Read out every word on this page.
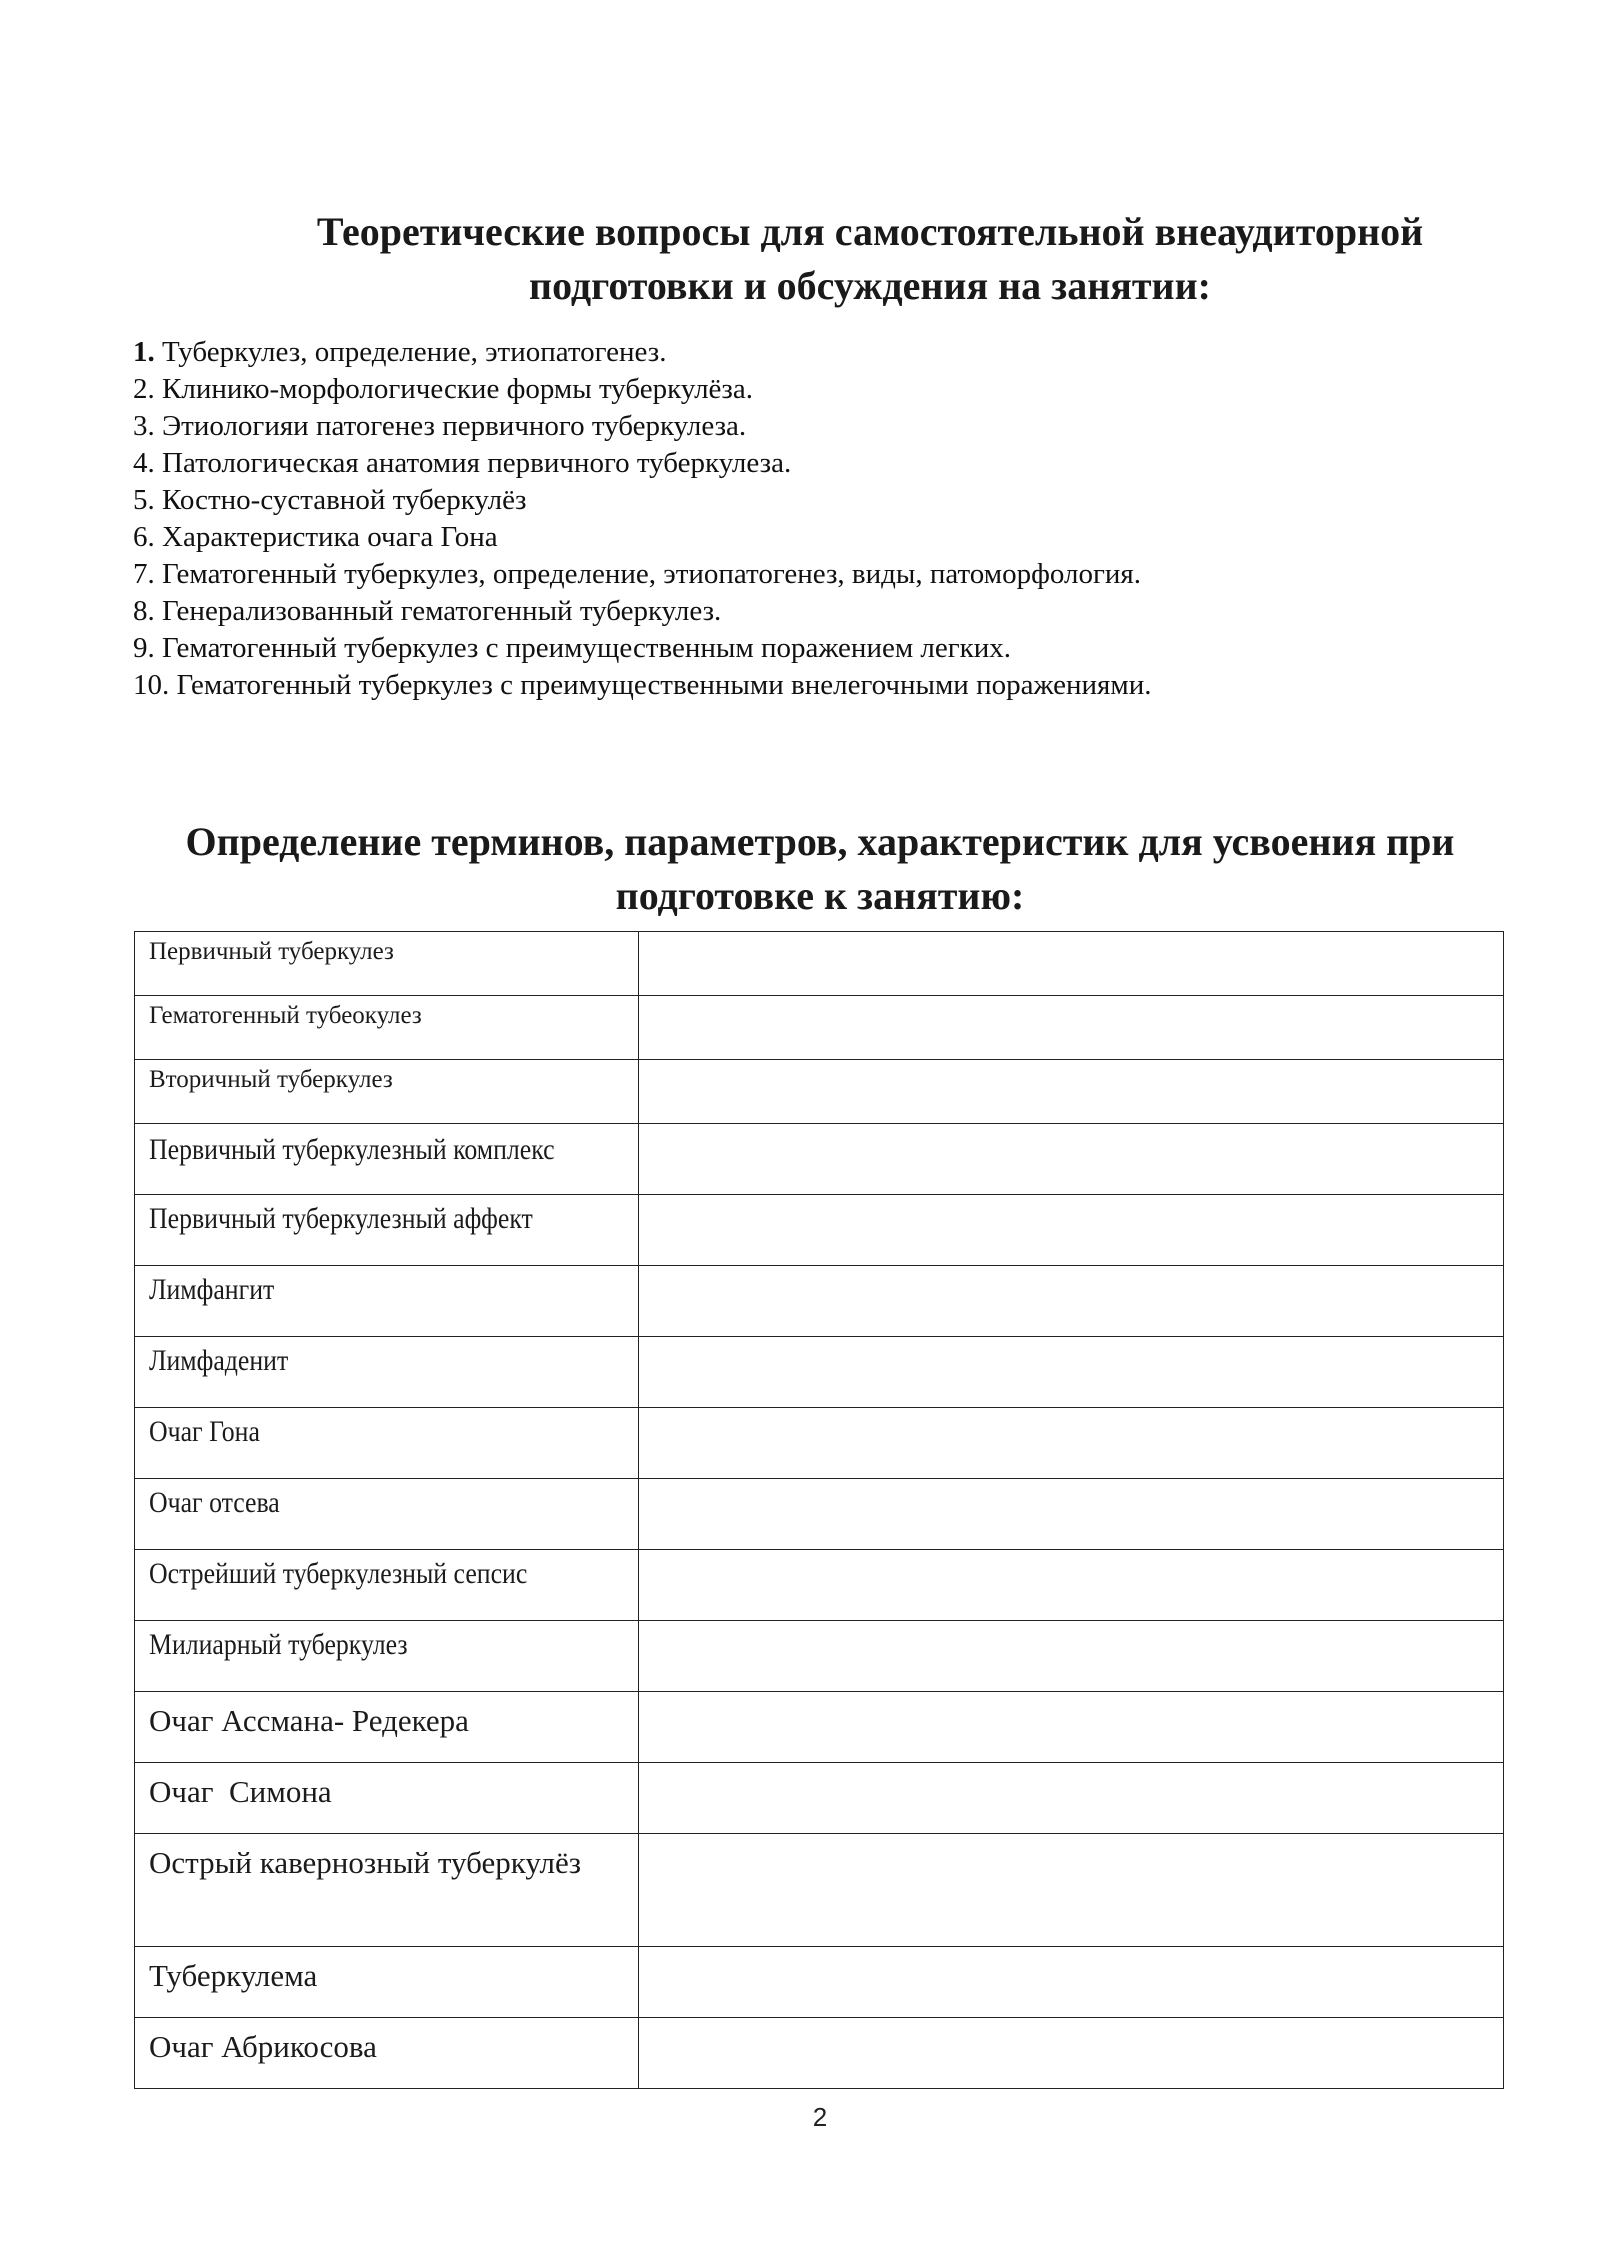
Теоретические вопросы для самостоятельной внеаудиторной подготовки и обсуждения на занятии:
1. Туберкулез, определение, этиопатогенез.
2. Клинико-морфологические формы туберкулёза.
3. Этиологияи патогенез первичного туберкулеза.
4. Патологическая анатомия первичного туберкулеза.
5. Костно-суставной туберкулёз
6. Характеристика очага Гона
7. Гематогенный туберкулез, определение, этиопатогенез, виды, патоморфология.
8. Генерализованный гематогенный туберкулез.
9. Гематогенный туберкулез с преимущественным поражением легких.
10. Гематогенный туберкулез с преимущественными внелегочными поражениями.
Определение терминов, параметров, характеристик для усвоения при подготовке к занятию:
Первичный туберкулез	
Гематогенный тубеокулез	
Вторичный туберкулез	
Первичный туберкулезный комплекс	
Первичный туберкулезный аффект	
Лимфангит	
Лимфаденит	
Очаг Гона	
Очаг отсева	
Острейший туберкулезный сепсис	
Милиарный туберкулез	
Очаг Ассмана- Редекера	
Очаг  Симона	
Острый кавернозный туберкулёз	
Туберкулема	
Очаг Абрикосова	
2
